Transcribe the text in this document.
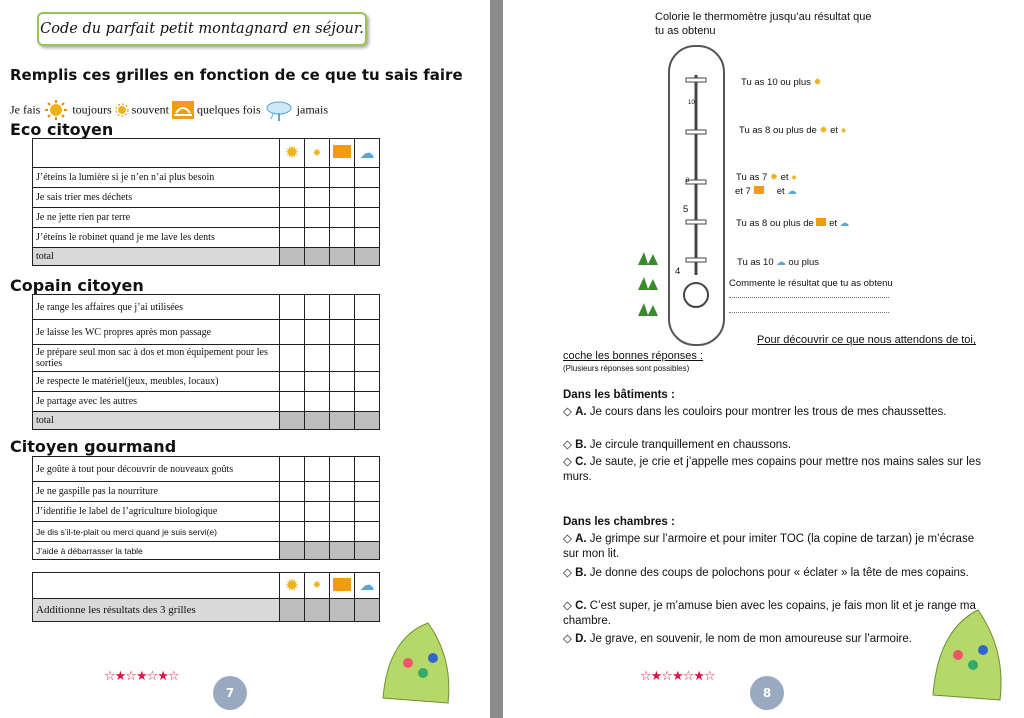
Code du parfait petit montagnard en séjour.
Remplis ces grilles en fonction de ce que tu sais faire
Je fais	toujours souvent quelques fois	jamais
Eco citoyen
	✹	✹		☁
J’éteins la lumière si je n’en n’ai plus besoin				
Je sais trier mes déchets				
Je ne jette rien par terre				
J’éteins le robinet quand je me lave les dents				
total				
Copain citoyen
Je range les affaires que j’ai utilisées				
Je laisse les WC propres après mon passage				
Je prépare seul mon sac à dos et mon équipement pour les sorties				
Je respecte le matériel(jeux, meubles, locaux)				
Je partage avec les autres				
total				
Citoyen gourmand
Je goûte à tout pour découvrir de nouveaux goûts				
Je ne gaspille pas la nourriture				
J’identifie le label de l’agriculture biologique				
Je dis s’il-te-plait ou merci quand je suis servi(e)				
J’aide à débarrasser la table				
	✹	✹		☁
Additionne les résultats des 3 grilles				
☆★☆★☆★☆
7
Colorie le thermomètre jusqu’au résultat que tu as obtenu
10
8
5
4
Tu as 10 ou plus ✹
Tu as 8 ou plus de ✹ et ✹
Tu as 7 ✹ et ✹
et 7	et ☁
Tu as 8 ou plus de et ☁
Tu as 10 ☁ ou plus
Commente le résultat que tu as obtenu
Pour découvrir ce que nous attendons de toi,
coche les bonnes réponses :
(Plusieurs réponses sont possibles)
Dans les bâtiments :
◇ A. Je cours dans les couloirs pour montrer les trous de mes chaussettes.
◇ B. Je circule tranquillement en chaussons.
◇ C. Je saute, je crie et j’appelle mes copains pour mettre nos mains sales sur les murs.
Dans les chambres :
◇ A. Je grimpe sur l’armoire et pour imiter TOC (la copine de tarzan) je m’écrase sur mon lit.
◇ B. Je donne des coups de polochons pour « éclater » la tête de mes copains.
◇ C. C’est super, je m’amuse bien avec les copains, je fais mon lit et je range ma chambre.
◇ D. Je grave, en souvenir, le nom de mon amoureuse sur l’armoire.
☆★☆★☆★☆
8
